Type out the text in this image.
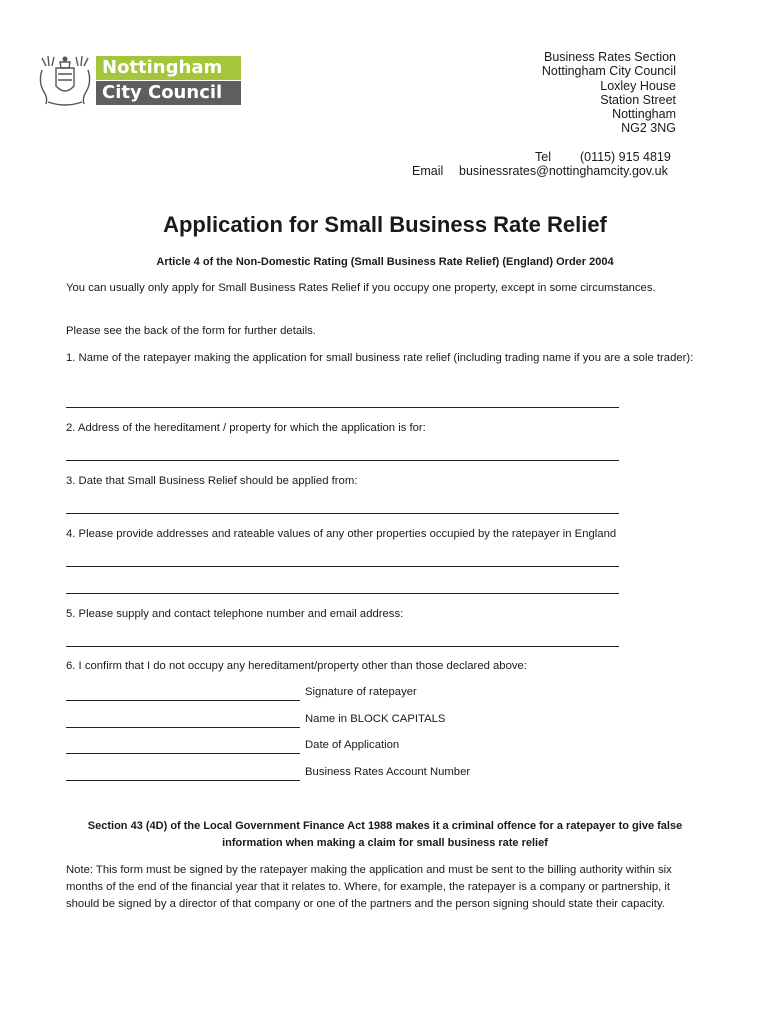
Nottingham
City Council
Business Rates Section
Nottingham City Council
Loxley House
Station Street
Nottingham
NG2 3NG
Tel (0115) 915 4819
Email businessrates@nottinghamcity.gov.uk
Application for Small Business Rate Relief
Article 4 of the Non-Domestic Rating (Small Business Rate Relief) (England) Order 2004
You can usually only apply for Small Business Rates Relief if you occupy one property, except in some circumstances.
Please see the back of the form for further details.
1. Name of the ratepayer making the application for small business rate relief (including trading name if you are a sole trader):
2. Address of the hereditament / property for which the application is for:
3. Date that Small Business Relief should be applied from:
4. Please provide addresses and rateable values of any other properties occupied by the ratepayer in England
5. Please supply and contact telephone number and email address:
6. I confirm that I do not occupy any hereditament/property other than those declared above:
Signature of ratepayer
Name in BLOCK CAPITALS
Date of Application
Business Rates Account Number
Section 43 (4D) of the Local Government Finance Act 1988 makes it a criminal offence for a ratepayer to give false information when making a claim for small business rate relief
Note: This form must be signed by the ratepayer making the application and must be sent to the billing authority within six months of the end of the financial year that it relates to. Where, for example, the ratepayer is a company or partnership, it should be signed by a director of that company or one of the partners and the person signing should state their capacity.
